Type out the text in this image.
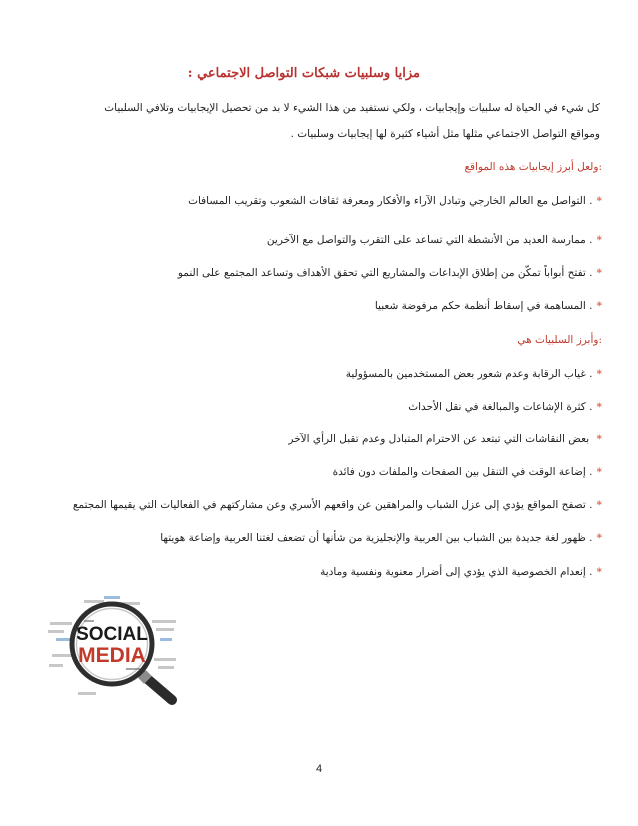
مزايا وسلبيات شبكات التواصل الاجتماعي :
كل شيء في الحياة له سلبيات وإيجابيات ، ولكي نستفيد من هذا الشيء لا بد من تحصيل الإيجابيات وتلافي السلبيات
ومواقع التواصل الاجتماعي مثلها مثل أشياء كثيرة لها إيجابيات وسلبيات .
:ولعل أبرز إيجابيات هذه المواقع
*. التواصل مع العالم الخارجي وتبادل الآراء والأفكار ومعرفة ثقافات الشعوب وتقريب المسافات
*. ممارسة العديد من الأنشطة التي تساعد على التقرب والتواصل مع الآخرين
*. تفتح أبواباً تمكّن من إطلاق الإبداعات والمشاريع التي تحقق الأهداف وتساعد المجتمع على النمو
*. المساهمة في إسقاط أنظمة حكم مرفوضة شعبيا
:وأبرز السلبيات هي
*. غياب الرقابة وعدم شعور بعض المستخدمين بالمسؤولية
*. كثرة الإشاعات والمبالغة في نقل الأحداث
* بعض النقاشات التي تبتعد عن الاحترام المتبادل وعدم تقبل الرأي الآخر
*. إضاعة الوقت في التنقل بين الصفحات والملفات دون فائدة
*. تصفح المواقع يؤدي إلى عزل الشباب والمراهقين عن واقعهم الأسري وعن مشاركتهم في الفعاليات التي يقيمها المجتمع
*. ظهور لغة جديدة بين الشباب بين العربية والإنجليزية من شأنها أن تضعف لغتنا العربية وإضاعة هويتها
*. إنعدام الخصوصية الذي يؤدي إلى أضرار معنوية ونفسية ومادية
SOCIAL
MEDIA
4
